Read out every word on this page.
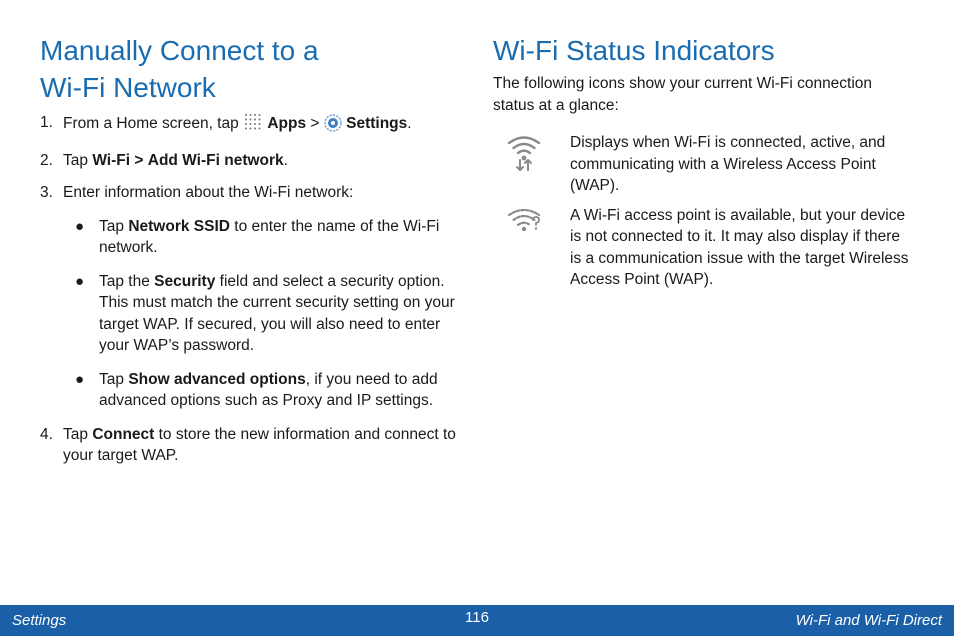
Manually Connect to a
Wi-Fi Network
1. From a Home screen, tap Apps > Settings.
2. Tap Wi-Fi > Add Wi-Fi network.
3. Enter information about the Wi-Fi network:
● Tap Network SSID to enter the name of the Wi-Fi network.
● Tap the Security field and select a security option. This must match the current security setting on your target WAP. If secured, you will also need to enter your WAP’s password.
● Tap Show advanced options, if you need to add advanced options such as Proxy and IP settings.
4. Tap Connect to store the new information and connect to your target WAP.
Wi-Fi Status Indicators

The following icons show your current Wi-Fi connection status at a glance:

Displays when Wi-Fi is connected, active, and communicating with a Wireless Access Point (WAP).
A Wi-Fi access point is available, but your device is not connected to it. It may also display if there is a communication issue with the target Wireless Access Point (WAP).
Settings	116	Wi-Fi and Wi-Fi Direct
